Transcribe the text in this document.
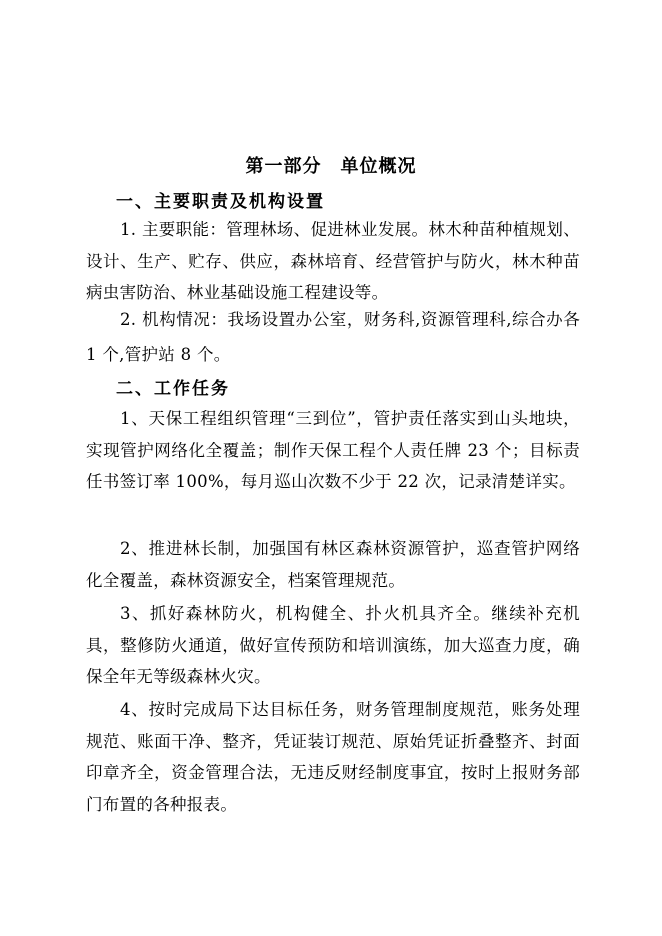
第一部分　单位概况
一、主要职责及机构设置
1. 主要职能：管理林场、促进林业发展。林木种苗种植规划、设计、生产、贮存、供应，森林培育、经营管护与防火，林木种苗病虫害防治、林业基础设施工程建设等。
2. 机构情况：我场设置办公室，财务科,资源管理科,综合办各 1 个,管护站 8 个。
二、工作任务
1、天保工程组织管理“三到位”，管护责任落实到山头地块，实现管护网络化全覆盖；制作天保工程个人责任牌 23 个；目标责任书签订率 100%，每月巡山次数不少于 22 次，记录清楚详实。
2、推进林长制，加强国有林区森林资源管护，巡查管护网络化全覆盖，森林资源安全，档案管理规范。
3、抓好森林防火，机构健全、扑火机具齐全。继续补充机具，整修防火通道，做好宣传预防和培训演练，加大巡查力度，确保全年无等级森林火灾。
4、按时完成局下达目标任务，财务管理制度规范，账务处理规范、账面干净、整齐，凭证装订规范、原始凭证折叠整齐、封面印章齐全，资金管理合法，无违反财经制度事宜，按时上报财务部门布置的各种报表。
